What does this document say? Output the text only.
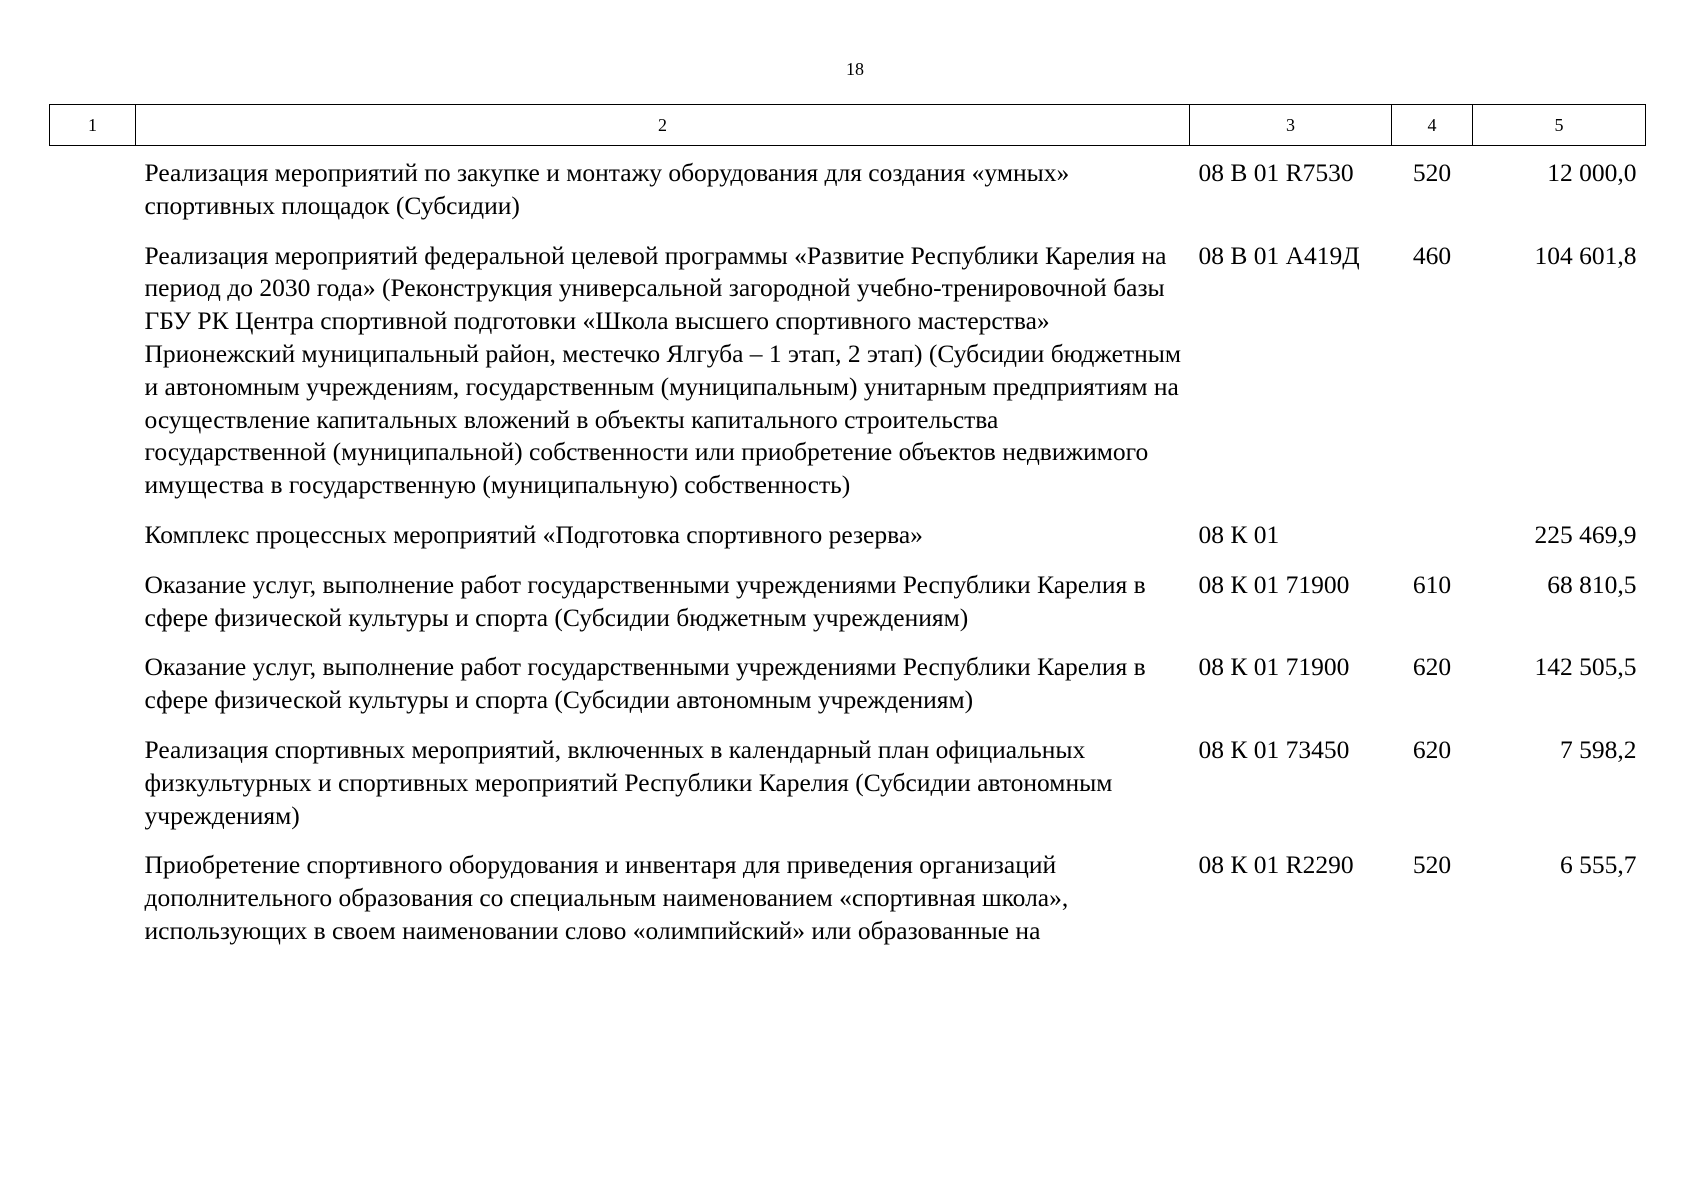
18
1	2	3	4	5
	Реализация мероприятий по закупке и монтажу оборудования для создания «умных» спортивных площадок (Субсидии)	08 В 01 R7530	520	12 000,0
	Реализация мероприятий федеральной целевой программы «Развитие Республики Карелия на период до 2030 года» (Реконструкция универсальной загородной учебно-тренировочной базы ГБУ РК Центра спортивной подготовки «Школа высшего спортивного мастерства» Прионежский муниципальный район, местечко Ялгуба – 1 этап, 2 этап) (Субсидии бюджетным и автономным учреждениям, государственным (муниципальным) унитарным предприятиям на осуществление капитальных вложений в объекты капитального строительства государственной (муниципальной) собственности или приобретение объектов недвижимого имущества в государственную (муниципальную) собственность)	08 В 01 А419Д	460	104 601,8
	Комплекс процессных мероприятий «Подготовка спортивного резерва»	08 К 01		225 469,9
	Оказание услуг, выполнение работ государственными учреждениями Республики Карелия в сфере физической культуры и спорта (Субсидии бюджетным учреждениям)	08 К 01 71900	610	68 810,5
	Оказание услуг, выполнение работ государственными учреждениями Республики Карелия в сфере физической культуры и спорта (Субсидии автономным учреждениям)	08 К 01 71900	620	142 505,5
	Реализация спортивных мероприятий, включенных в календарный план официальных физкультурных и спортивных мероприятий Республики Карелия (Субсидии автономным учреждениям)	08 К 01 73450	620	7 598,2
	Приобретение спортивного оборудования и инвентаря для приведения организаций дополнительного образования со специальным наименованием «спортивная школа», использующих в своем наименовании слово «олимпийский» или образованные на	08 К 01 R2290	520	6 555,7
